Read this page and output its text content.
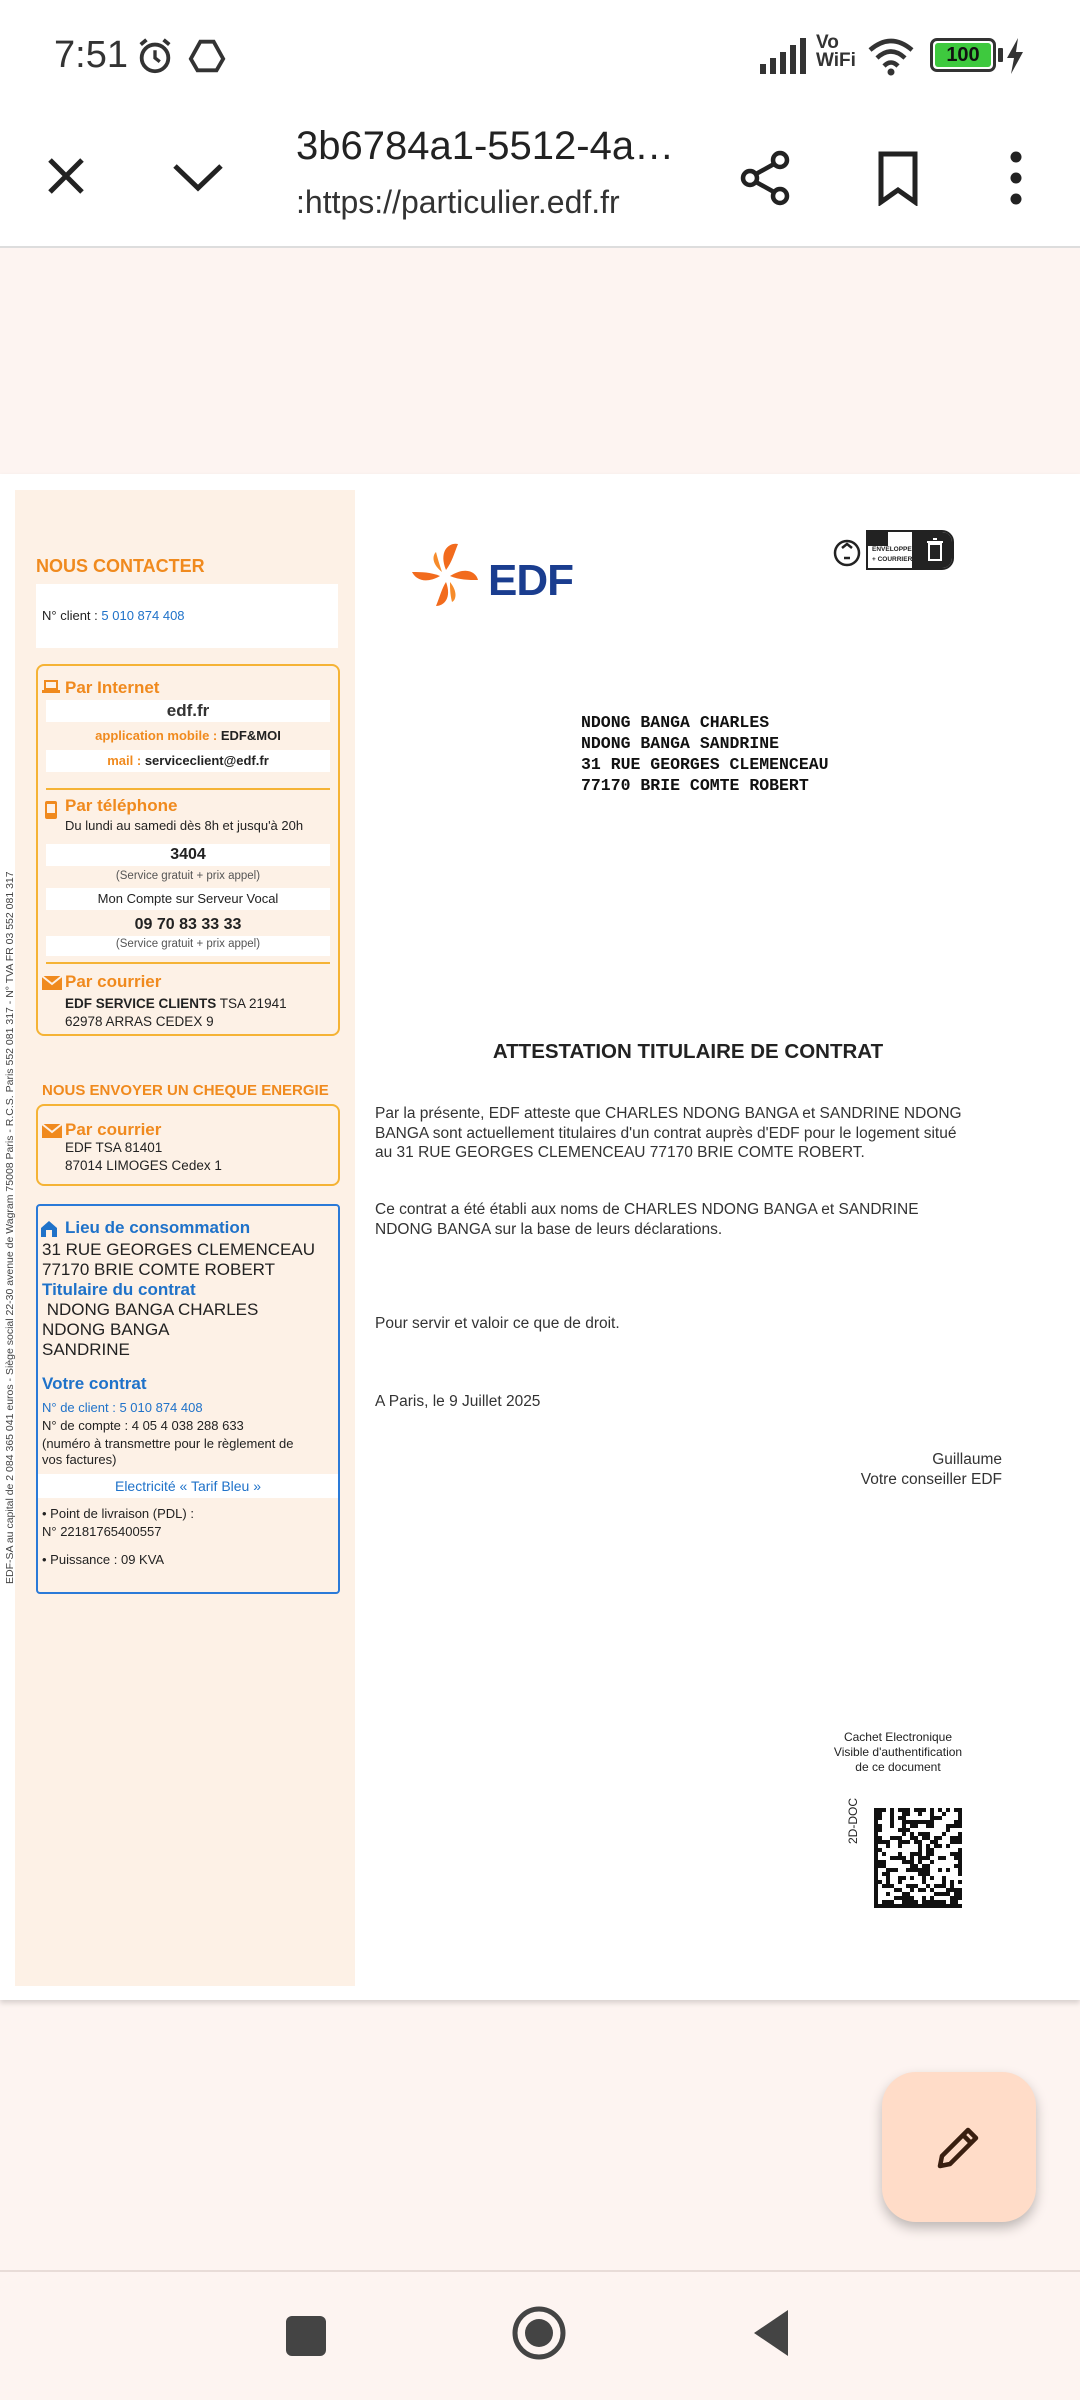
7:51	Vo WiFi	100
3b6784a1-5512-4a…
:https://particulier.edf.fr
NOUS CONTACTER
N° client : 5 010 874 408
Par Internet
edf.fr
application mobile : EDF&MOI
mail : serviceclient@edf.fr
Par téléphone
Du lundi au samedi dès 8h et jusqu'à 20h
3404
(Service gratuit + prix appel)
Mon Compte sur Serveur Vocal
09 70 83 33 33
(Service gratuit + prix appel)
Par courrier
EDF SERVICE CLIENTS TSA 21941
62978 ARRAS CEDEX 9
NOUS ENVOYER UN CHEQUE ENERGIE
Par courrier
EDF TSA 81401
87014 LIMOGES Cedex 1
Lieu de consommation
31 RUE GEORGES CLEMENCEAU
77170 BRIE COMTE ROBERT
Titulaire du contrat
NDONG BANGA CHARLES
NDONG BANGA
SANDRINE
Votre contrat
N° de client : 5 010 874 408
N° de compte : 4 05 4 038 288 633
(numéro à transmettre pour le règlement de
vos factures)
Electricité « Tarif Bleu »
• Point de livraison (PDL) :
N° 22181765400557
• Puissance : 09 KVA
EDF-SA au capital de 2 084 365 041 euros - Siège social 22-30 avenue de Wagram 75008 Paris - R.C.S. Paris 552 081 317 - N° TVA FR 03 552 081 317
EDF
ENVELOPPE
+ COURRIER
NDONG BANGA CHARLES
NDONG BANGA SANDRINE
31 RUE GEORGES CLEMENCEAU
77170 BRIE COMTE ROBERT
ATTESTATION TITULAIRE DE CONTRAT
Par la présente, EDF atteste que CHARLES NDONG BANGA et SANDRINE NDONG BANGA sont actuellement titulaires d'un contrat auprès d'EDF pour le logement situé au 31 RUE GEORGES CLEMENCEAU 77170 BRIE COMTE ROBERT.
Ce contrat a été établi aux noms de CHARLES NDONG BANGA et SANDRINE NDONG BANGA sur la base de leurs déclarations.
Pour servir et valoir ce que de droit.
A Paris, le 9 Juillet 2025
Guillaume
Votre conseiller EDF
Cachet Electronique
Visible d'authentification
de ce document
2D-DOC
